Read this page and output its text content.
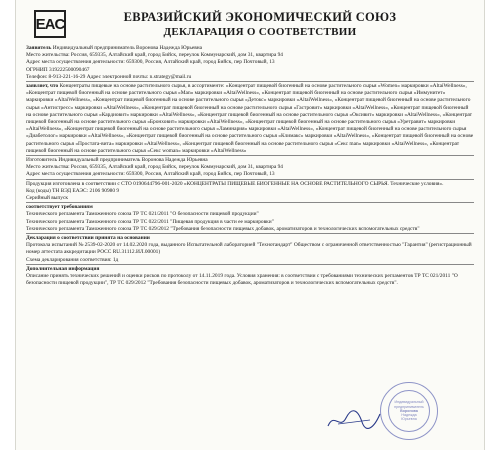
EAC	ЕВРАЗИЙСКИЙ ЭКОНОМИЧЕСКИЙ СОЮЗ
ДЕКЛАРАЦИЯ О СООТВЕТСТВИИ

Заявитель Индивидуальный предприниматель Воронова Надежда Юрьевна

Место жительства: Россия, 659335, Алтайский край, город Бийск, переулок Коммунарский, дом 31, квартира 94

Адрес места осуществления деятельности: 659300, Россия, Алтайский край, город Бийск, пер Почтовый, 13

ОГРНИП 319222500090467

Телефон: 8-913-221-16-29 Адрес электронной почты: n.strategy@mail.ru

заявляет, что Концентраты пищевые на основе растительного сырья, в ассортименте: «Концентрат пищевой биогенный на основе растительного сырья «Women» маркировки «AltaiWellness», «Концентрат пищевой биогенный на основе растительного сырья «Man» маркировки «AltaiWellness», «Концентрат пищевой биогенный на основе растительного сырья «Иммунитет» маркировки «AltaiWellness», «Концентрат пищевой биогенный на основе растительного сырья «Детокс» маркировки «AltaiWellness», «Концентрат пищевой биогенный на основе растительного сырья «Антистресс» маркировки «AltaiWellness», «Концентрат пищевой биогенный на основе растительного сырья «Гастровит» маркировки «AltaiWellness», «Концентрат пищевой биогенный на основе растительного сырья «Кардиовит» маркировки «AltaiWellness», «Концентрат пищевой биогенный на основе растительного сырья «Оксивит» маркировки «AltaiWellness», «Концентрат пищевой биогенный на основе растительного сырья «Бронховит» маркировки «AltaiWellness», «Концентрат пищевой биогенный на основе растительного сырья «Уретравит» маркировки «AltaiWellness», «Концентрат пищевой биогенный на основе растительного сырья «Ламинария» маркировки «AltaiWellness», «Концентрат пищевой биогенный на основе растительного сырья «Диабетолог» маркировки «AltaiWellness», «Концентрат пищевой биогенный на основе растительного сырья «Климакс» маркировки «AltaiWellness», «Концентрат пищевой биогенный на основе растительного сырья «Простата-вита» маркировки «AltaiWellness», «Концентрат пищевой биогенный на основе растительного сырья «Секс man» маркировки «AltaiWellness», «Концентрат пищевой биогенный на основе растительного сырья «Секс woman» маркировки «AltaiWellness»

Изготовитель Индивидуальный предприниматель Воронова Надежда Юрьевна

Место жительства: Россия, 659335, Алтайский край, город Бийск, переулок Коммунарский, дом 31, квартира 94

Адрес места осуществления деятельности: 659300, Россия, Алтайский край, город Бийск, пер Почтовый, 13

Продукция изготовлена в соответствии с СТО 0190644796-001-2020 «КОНЦЕНТРАТЫ ПИЩЕВЫЕ БИОГЕННЫЕ НА ОСНОВЕ РАСТИТЕЛЬНОГО СЫРЬЯ. Технические условия».

Код (коды) ТН ВЭД ЕАЭС: 2106 90980 9

Серийный выпуск

соответствует требованиям

Технического регламента Таможенного союза ТР ТС 021/2011 "О безопасности пищевой продукции"

Технического регламента Таможенного союза ТР ТС 022/2011 "Пищевая продукция в части ее маркировки"

Технического регламента Таможенного союза ТР ТС 029/2012 "Требования безопасности пищевых добавок, ароматизаторов и технологических вспомогательных средств"

Декларация о соответствии принята на основании

Протокола испытаний № 2539-02-2020 от 14.02.2020 года, выданного Испытательной лабораторией "Технотандарт" Обществом с ограниченной ответственностью "Гарантия" (регистрационный номер аттестата аккредитации РОСС RU.31112.ИЛ.00001)

Схема декларирования соответствия: 1д

Дополнительная информация

Описание принять технических решений и оценки рисков по протоколу от 14.11.2019 года. Условия хранения: в соответствии с требованиями технических регламентов ТР ТС 021/2011 "О безопасности пищевой продукции", ТР ТС 029/2012 "Требования безопасности пищевых добавок, ароматизаторов и технологических вспомогательных средств".

Индивидуальный
предприниматель
Воронова
Надежда
Юрьевна
